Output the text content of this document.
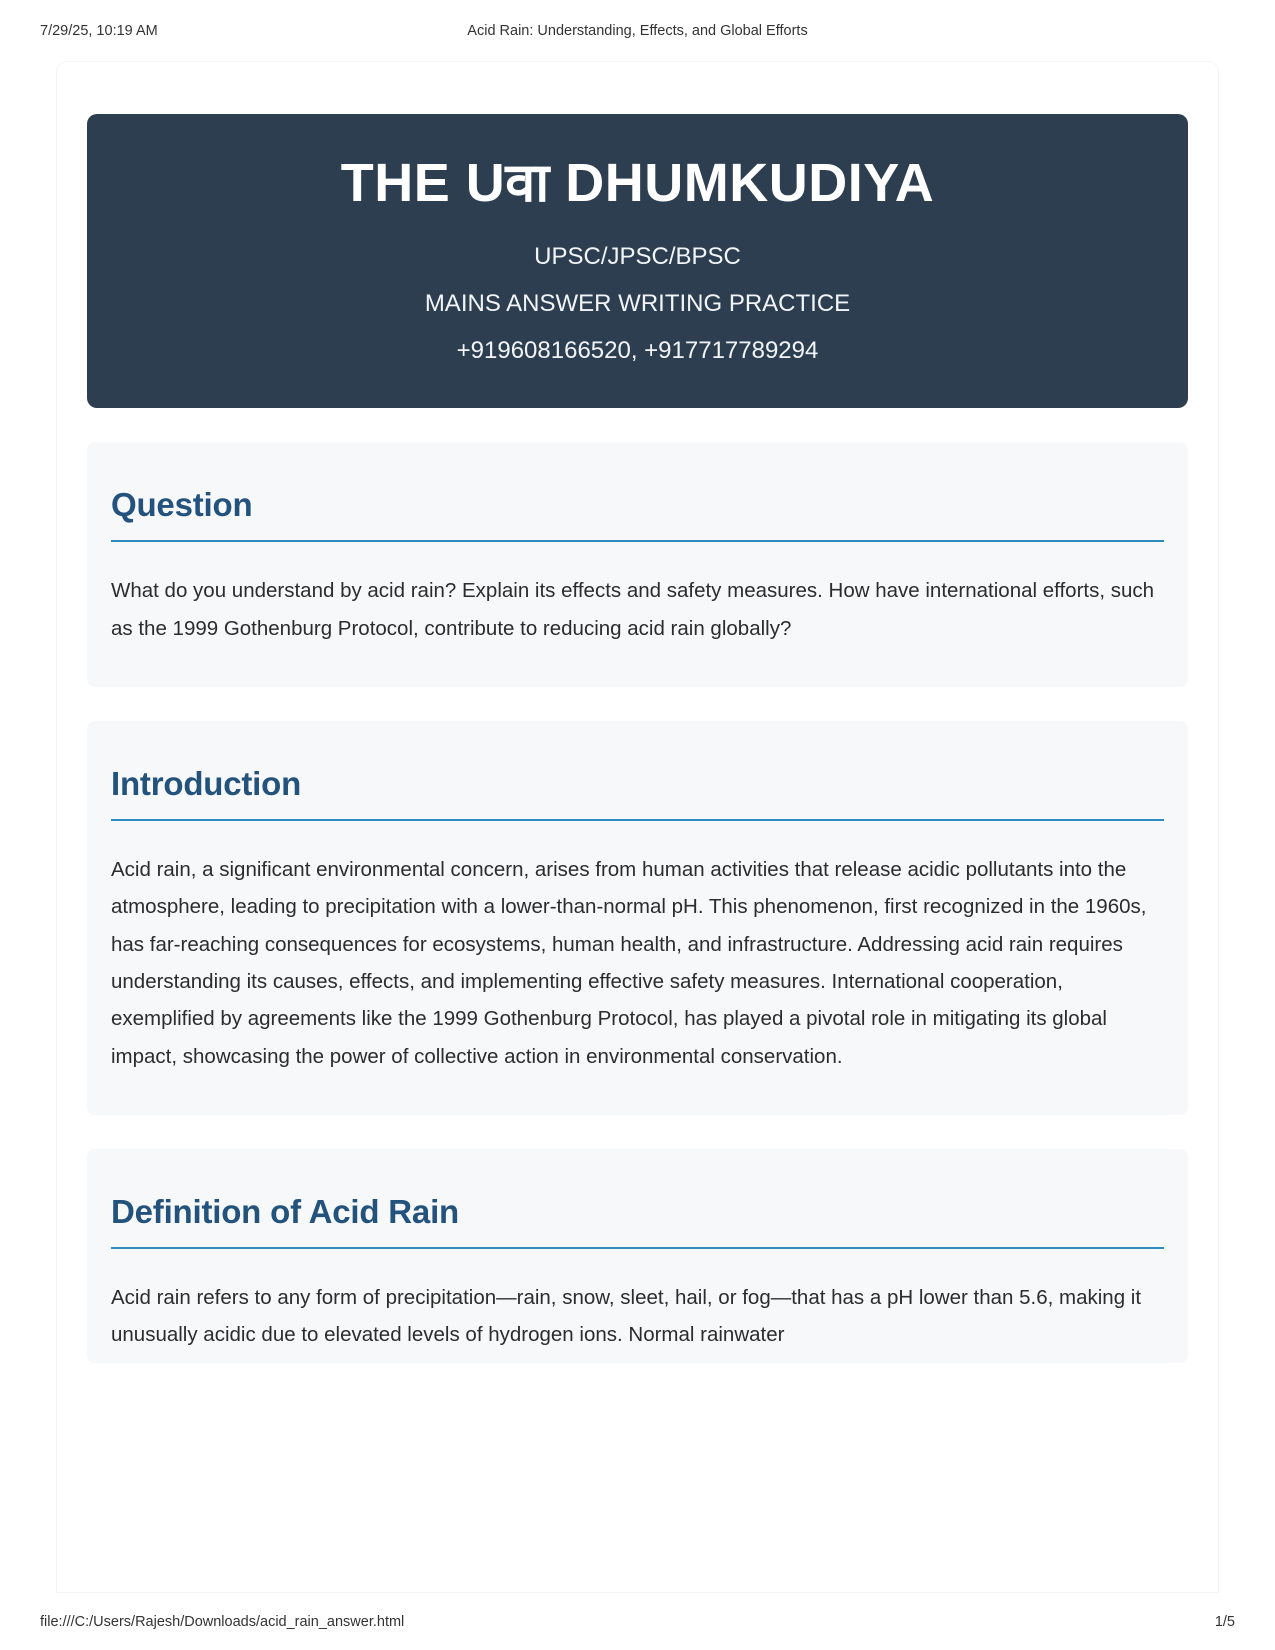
7/29/25, 10:19 AM	Acid Rain: Understanding, Effects, and Global Efforts
THE Uवा DHUMKUDIYA
UPSC/JPSC/BPSC
MAINS ANSWER WRITING PRACTICE
+919608166520, +917717789294
Question

What do you understand by acid rain? Explain its effects and safety measures. How have international efforts, such as the 1999 Gothenburg Protocol, contribute to reducing acid rain globally?

Introduction

Acid rain, a significant environmental concern, arises from human activities that release acidic pollutants into the atmosphere, leading to precipitation with a lower-than-normal pH. This phenomenon, first recognized in the 1960s, has far-reaching consequences for ecosystems, human health, and infrastructure. Addressing acid rain requires understanding its causes, effects, and implementing effective safety measures. International cooperation, exemplified by agreements like the 1999 Gothenburg Protocol, has played a pivotal role in mitigating its global impact, showcasing the power of collective action in environmental conservation.

Definition of Acid Rain

Acid rain refers to any form of precipitation—rain, snow, sleet, hail, or fog—that has a pH lower than 5.6, making it unusually acidic due to elevated levels of hydrogen ions. Normal rainwater

file:///C:/Users/Rajesh/Downloads/acid_rain_answer.html	1/5
